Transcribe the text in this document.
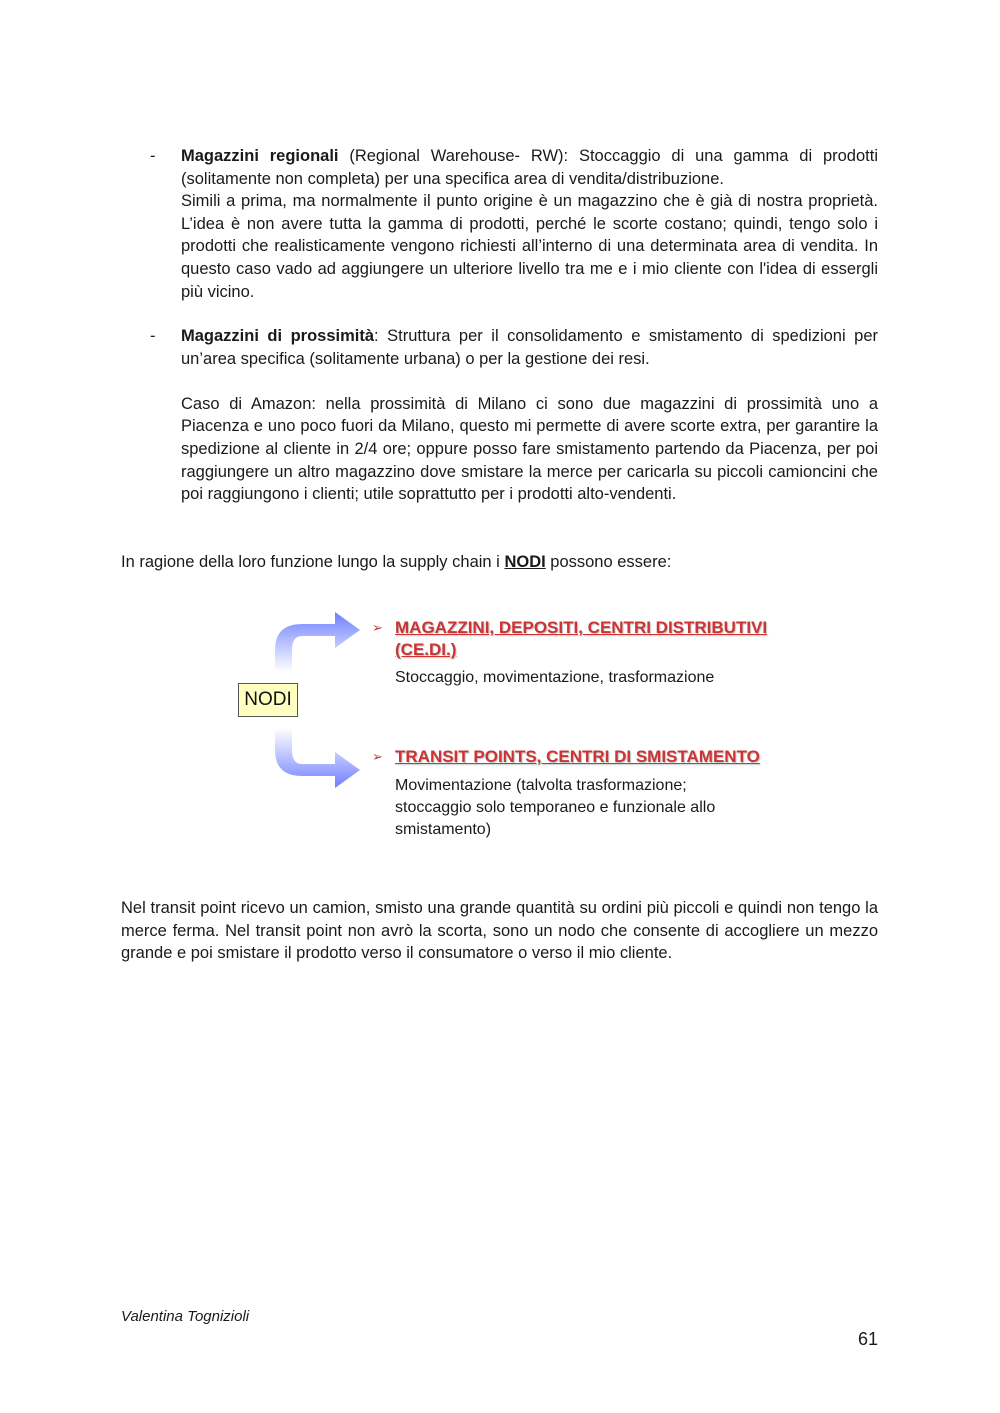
-	Magazzini regionali (Regional Warehouse- RW): Stoccaggio di una gamma di prodotti (solitamente non completa) per una specifica area di vendita/distribuzione.

Simili a prima, ma normalmente il punto origine è un magazzino che è già di nostra proprietà. L’idea è non avere tutta la gamma di prodotti, perché le scorte costano; quindi, tengo solo i prodotti che realisticamente vengono richiesti all’interno di una determinata area di vendita. In questo caso vado ad aggiungere un ulteriore livello tra me e i mio cliente con l'idea di essergli più vicino.

-	Magazzini di prossimità: Struttura per il consolidamento e smistamento di spedizioni per un’area specifica (solitamente urbana) o per la gestione dei resi.

Caso di Amazon: nella prossimità di Milano ci sono due magazzini di prossimità uno a Piacenza e uno poco fuori da Milano, questo mi permette di avere scorte extra, per garantire la spedizione al cliente in 2/4 ore; oppure posso fare smistamento partendo da Piacenza, per poi raggiungere un altro magazzino dove smistare la merce per caricarla su piccoli camioncini che poi raggiungono i clienti; utile soprattutto per i prodotti alto-vendenti.

In ragione della loro funzione lungo la supply chain i NODI possono essere:

NODI
➢ MAGAZZINI, DEPOSITI, CENTRI DISTRIBUTIVI
(CE.DI.)
Stoccaggio, movimentazione, trasformazione
➢ TRANSIT POINTS, CENTRI DI SMISTAMENTO
Movimentazione (talvolta trasformazione;
stoccaggio solo temporaneo e funzionale allo
smistamento)

Nel transit point ricevo un camion, smisto una grande quantità su ordini più piccoli e quindi non tengo la merce ferma. Nel transit point non avrò la scorta, sono un nodo che consente di accogliere un mezzo grande e poi smistare il prodotto verso il consumatore o verso il mio cliente.

Valentina Tognizioli
61
